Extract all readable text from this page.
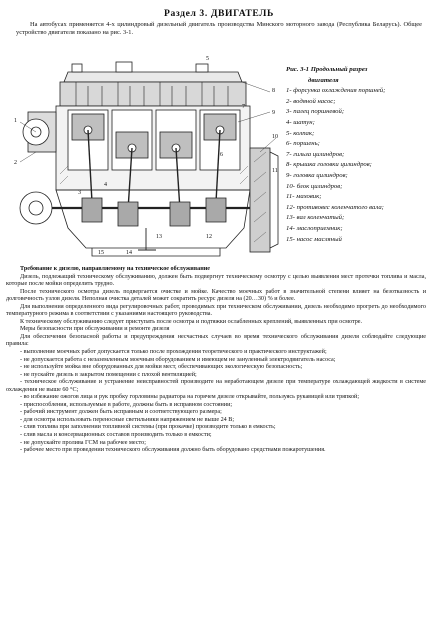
Раздел 3. ДВИГАТЕЛЬ
На автобусах применяется 4-х цилиндровый дизельный двигатель производства Минского моторного завода (Республика Беларусь). Общее устройство двигателя показано на рис. 3-1.
1
2
3
4
5
6
7
8
9
10
11
12
13
14
15
Рис. 3-1 Продольный разрез
двигателя
1- форсунка охлаждения поршней;
2- водяной насос;
3- палец поршневой;
4- шатун;
5- колпак;
6- поршень;
7- гильза цилиндров;
8- крышка головки цилиндров;
9- головка цилиндров;
10- блок цилиндров;
11- маховик;
12- противовес коленчатого вала;
13- вал коленчатый;
14- маслоприемник;
15- насос масляный

Требование к дизелю, направляемому на техническое обслуживание

Дизель, подлежащий техническому обслуживанию, должен быть подвергнут техническому осмотру с целью выявления мест протечки топлива и масла, которые после мойки определить трудно.

После технического осмотра дизель подвергается очистке и мойке. Качество моечных работ в значительной степени влияет на безотказность и долговечность узлов дизеля. Неполная очистка деталей может сократить ресурс дизеля на (20…30) % и более.

Для выполнения определенного вида регулировочных работ, проводимых при техническом обслуживании, дизель необходимо прогреть до необходимого температурного режима в соответствии с указаниями настоящего руководства.

К техническому обслуживанию следует приступать после осмотра и подтяжки ослабленных креплений, выявленных при осмотре.

Меры безопасности при обслуживании и ремонте дизеля

Для обеспечения безопасной работы и предупреждения несчастных случаев во время технического обслуживания дизеля соблюдайте следующие правила:

- выполнение моечных работ допускается только после прохождения теоретического и практического инструктажей;

- не допускается работа с незаземленным моечным оборудованием и имеющем не зануленный электродвигатель насоса;

- не используйте мойка вне оборудованных для мойки мест, обеспечивающих экологическую безопасность;

- не пускайте дизель в закрытом помещении с плохой вентиляцией;

- техническое обслуживание и устранение неисправностей производите на неработающем дизеле при температуре охлаждающей жидкости в системе охлаждения не выше 60 °С;

- во избежание ожогов лица и рук пробку горловины радиатора на горячем дизеле открывайте, пользуясь рукавицей или тряпкой;

- приспособления, используемые в работе, должны быть в исправном состоянии;

- рабочий инструмент должен быть исправным и соответствующего размера;

- для осмотра использовать переносные светильники напряжением не выше 24 В;

- слив топлива при заполнении топливной системы (при прокачке) производите только в емкость;

- слив масла и консервационных составов производить только в емкости;

- не допускайте пролива ГСМ на рабочее место;

- рабочее место при проведении технического обслуживания должно быть оборудовано средствами пожаротушения.
